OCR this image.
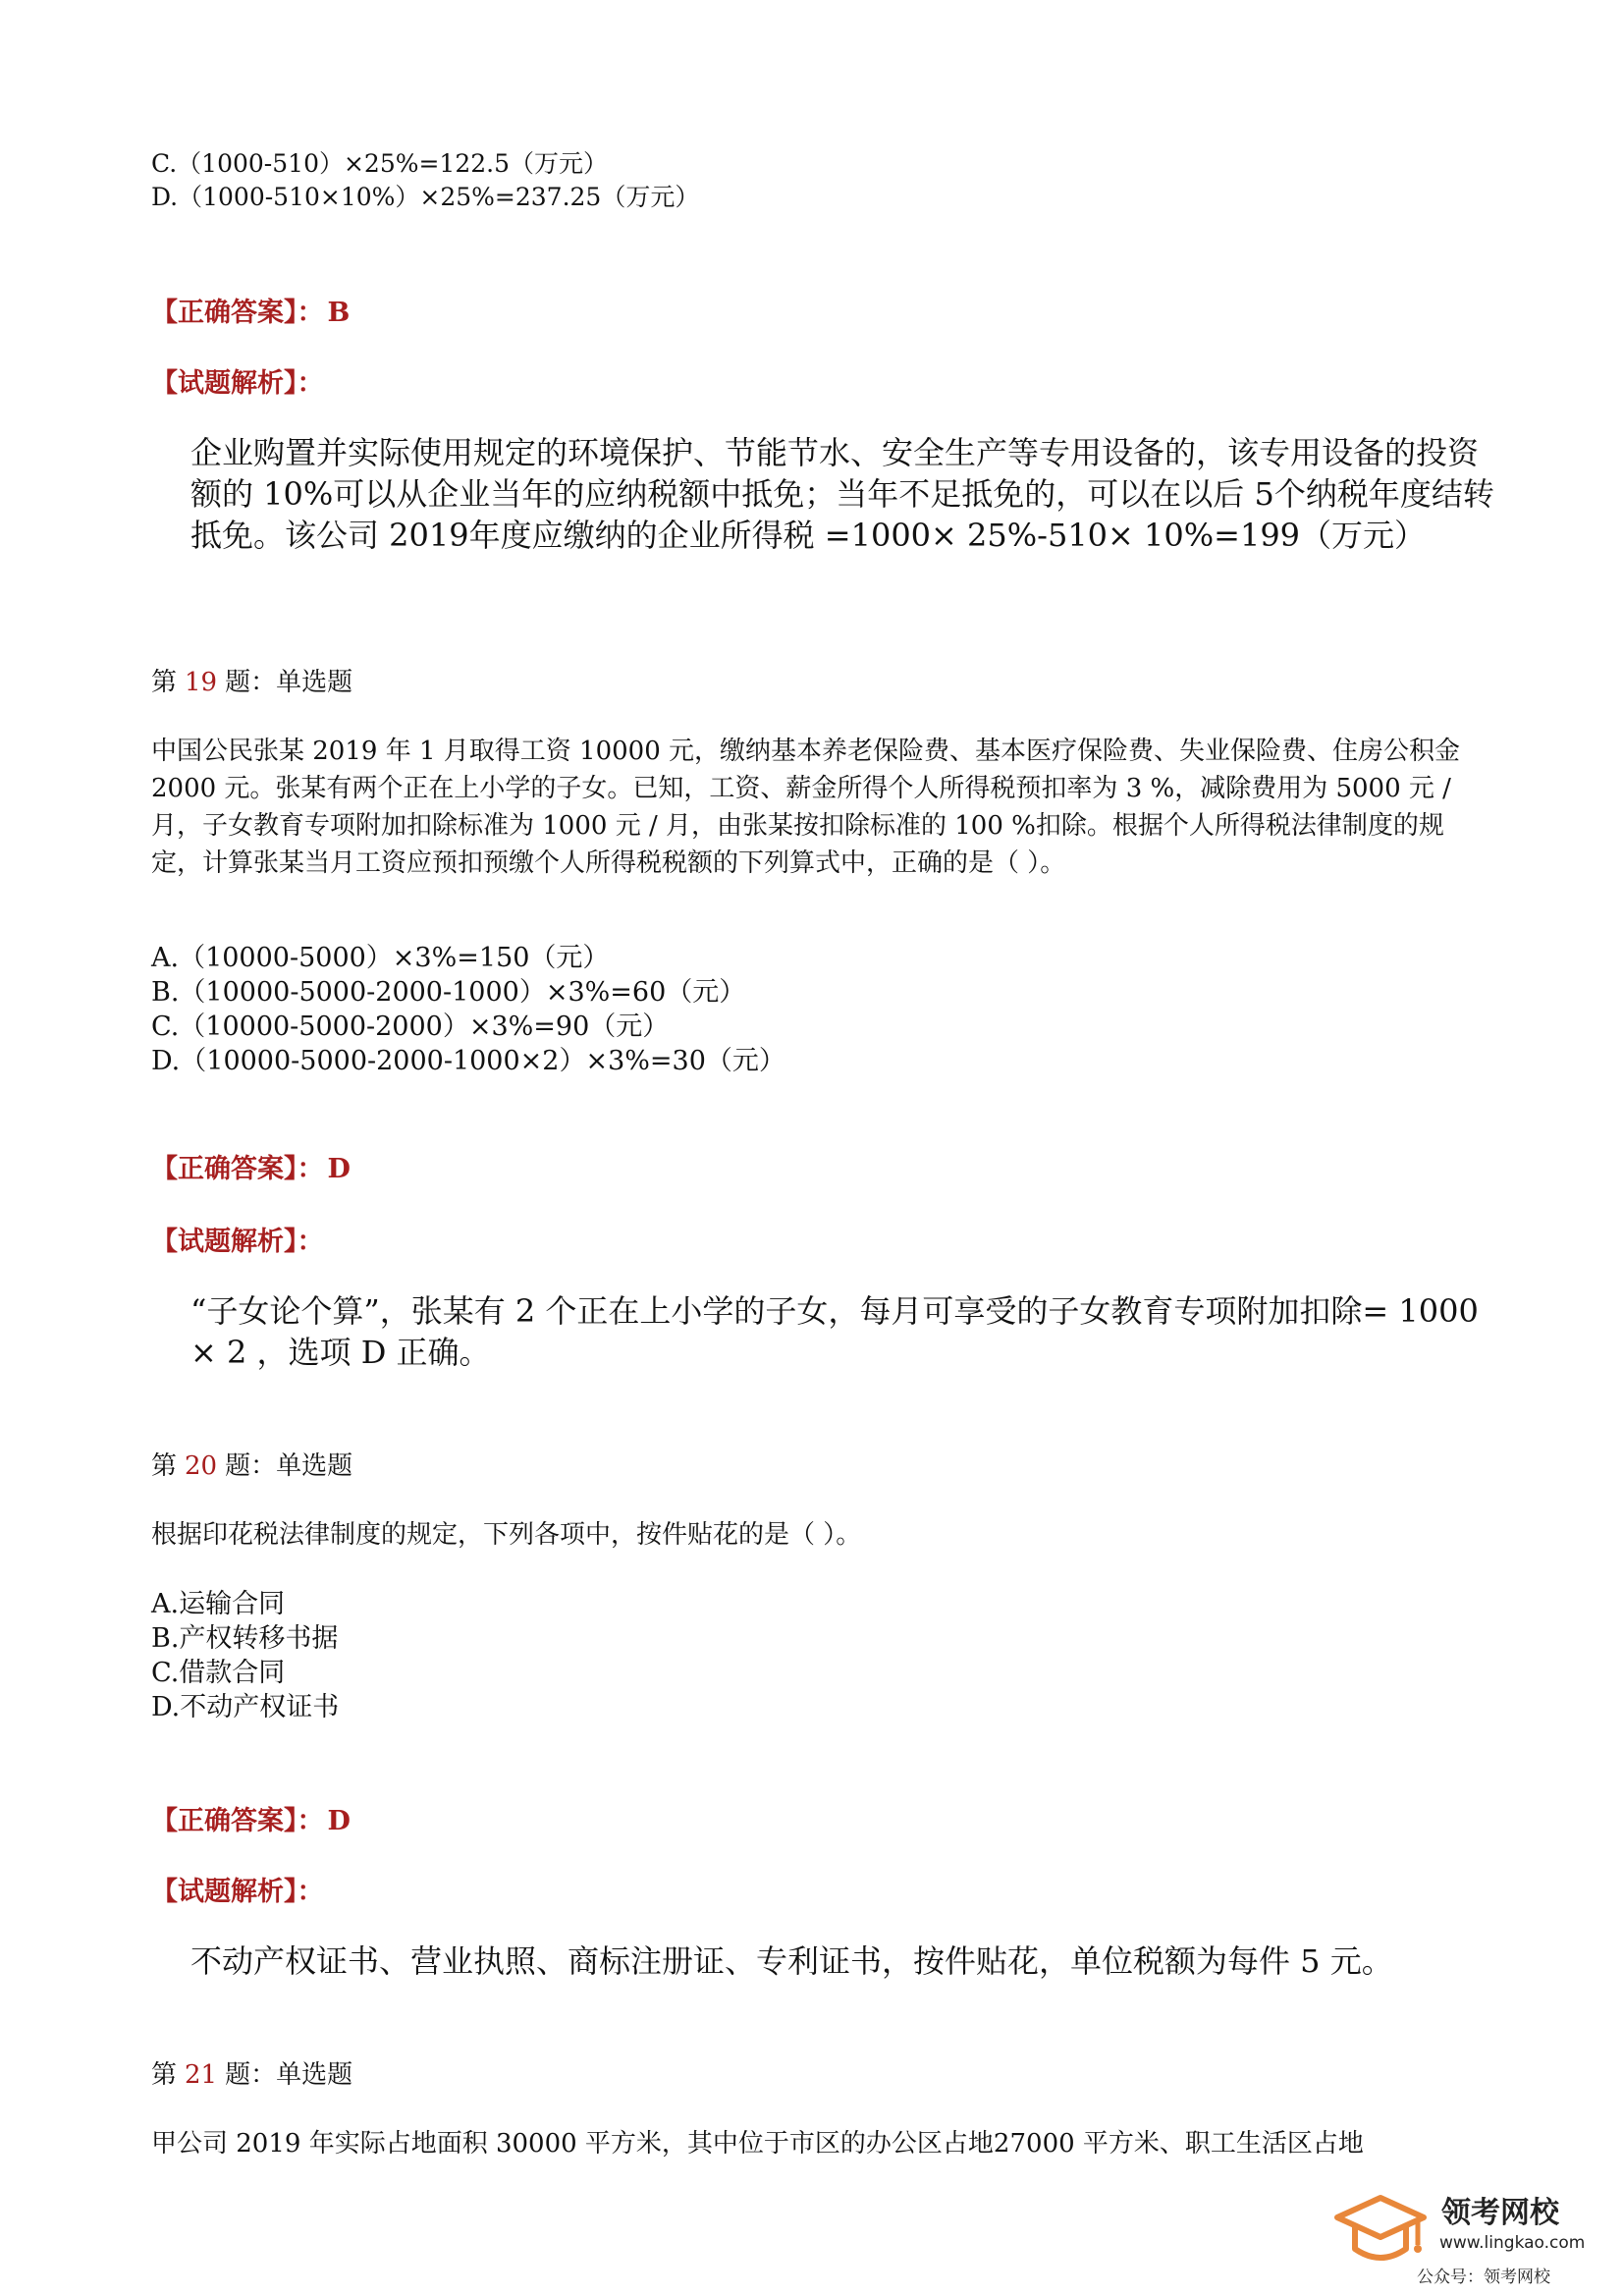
C.（1000-510）×25%=122.5（万元）
D.（1000-510×10%）×25%=237.25（万元）
【正确答案】： B
【试题解析】：
企业购置并实际使用规定的环境保护、节能节水、安全生产等专用设备的，该专用设备的投资额的 10%可以从企业当年的应纳税额中抵免；当年不足抵免的，可以在以后 5个纳税年度结转抵免。该公司 2019年度应缴纳的企业所得税 =1000× 25%-510× 10%=199（万元）
第 19 题：单选题
中国公民张某 2019 年 1 月取得工资 10000 元，缴纳基本养老保险费、基本医疗保险费、失业保险费、住房公积金 2000 元。张某有两个正在上小学的子女。已知，工资、薪金所得个人所得税预扣率为 3 %，减除费用为 5000 元 / 月，子女教育专项附加扣除标准为 1000 元 / 月，由张某按扣除标准的 100 %扣除。根据个人所得税法律制度的规定，计算张某当月工资应预扣预缴个人所得税税额的下列算式中，正确的是（ ）。
A.（10000-5000）×3%=150（元）
B.（10000-5000-2000-1000）×3%=60（元）
C.（10000-5000-2000）×3%=90（元）
D.（10000-5000-2000-1000×2）×3%=30（元）
【正确答案】： D
【试题解析】：
“子女论个算”，张某有 2 个正在上小学的子女，每月可享受的子女教育专项附加扣除= 1000 × 2 ，选项 D 正确。
第 20 题：单选题
根据印花税法律制度的规定，下列各项中，按件贴花的是（ ）。
A.运输合同
B.产权转移书据
C.借款合同
D.不动产权证书
【正确答案】： D
【试题解析】：
不动产权证书、营业执照、商标注册证、专利证书，按件贴花，单位税额为每件 5 元。
第 21 题：单选题
甲公司 2019 年实际占地面积 30000 平方米，其中位于市区的办公区占地27000 平方米、职工生活区占地
领考网校
www.lingkao.com
公众号：领考网校
